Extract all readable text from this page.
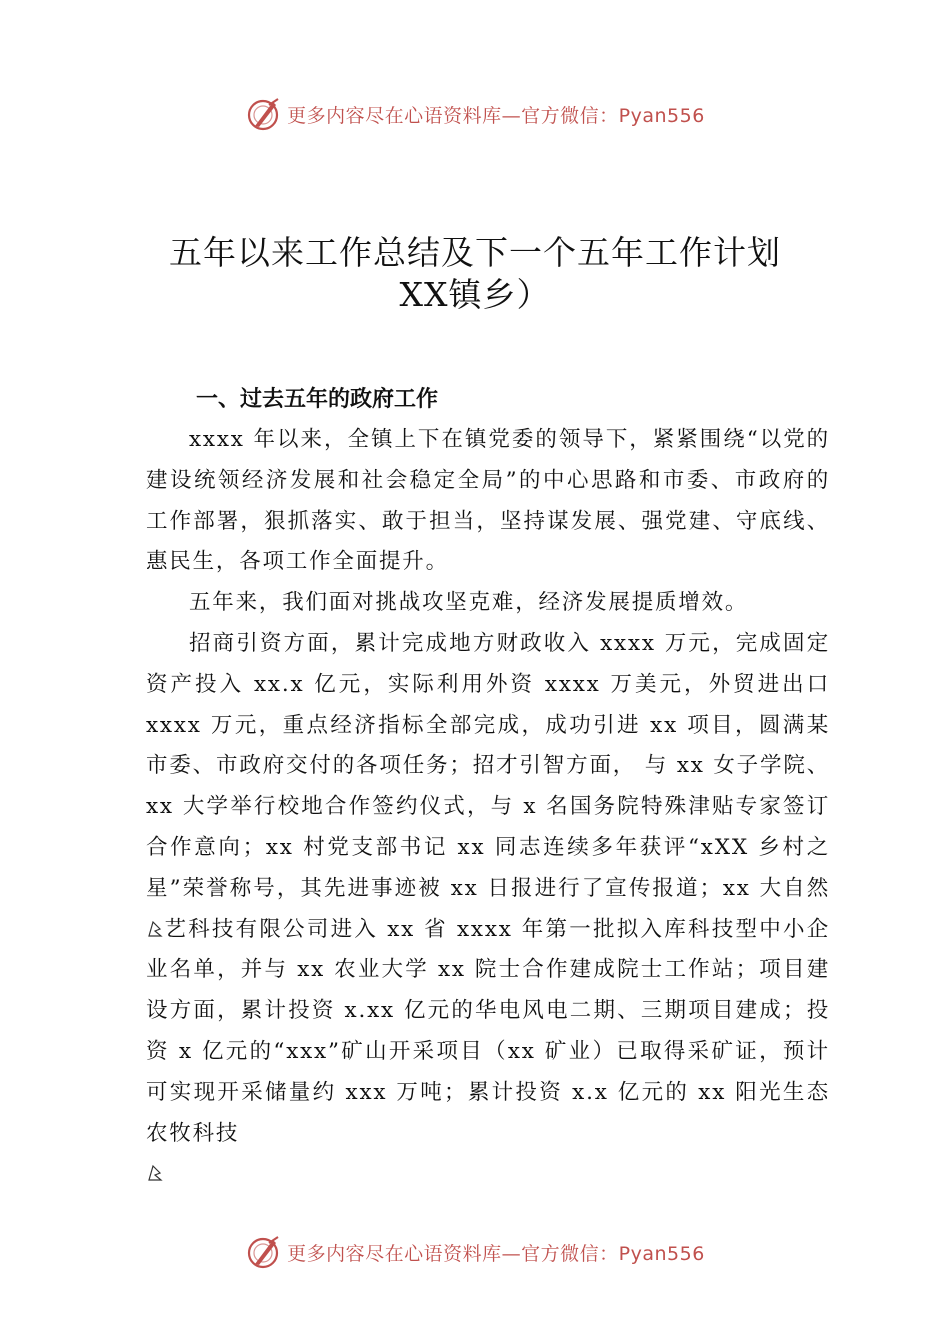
更多内容尽在心语资料库—官方微信：Pyan556
五年以来工作总结及下一个五年工作计划
XX镇乡）
一、过去五年的政府工作

xxxx 年以来，全镇上下在镇党委的领导下，紧紧围绕“以党的建设统领经济发展和社会稳定全局”的中心思路和市委、市政府的工作部署，狠抓落实、敢于担当，坚持谋发展、强党建、守底线、惠民生，各项工作全面提升。

五年来，我们面对挑战攻坚克难，经济发展提质增效。

招商引资方面，累计完成地方财政收入 xxxx 万元，完成固定资产投入 xx.x 亿元，实际利用外资 xxxx 万美元，外贸进出口 xxxx 万元，重点经济指标全部完成，成功引进 xx 项目，圆满某市委、市政府交付的各项任务；招才引智方面， 与 xx 女子学院、xx 大学举行校地合作签约仪式，与 x 名国务院特殊津贴专家签订合作意向；xx 村党支部书记 xx 同志连续多年获评“xXX 乡村之星”荣誉称号，其先进事迹被 xx 日报进行了宣传报道；xx 大自然艺科技有限公司进入 xx 省 xxxx 年第一批拟入库科技型中小企业名单，并与 xx 农业大学 xx 院士合作建成院士工作站；项目建设方面，累计投资 x.xx 亿元的华电风电二期、三期项目建成；投资 x 亿元的“xxx”矿山开采项目（xx 矿业）已取得采矿证，预计可实现开采储量约 xxx 万吨；累计投资 x.x 亿元的 xx 阳光生态农牧科技

更多内容尽在心语资料库—官方微信：Pyan556
